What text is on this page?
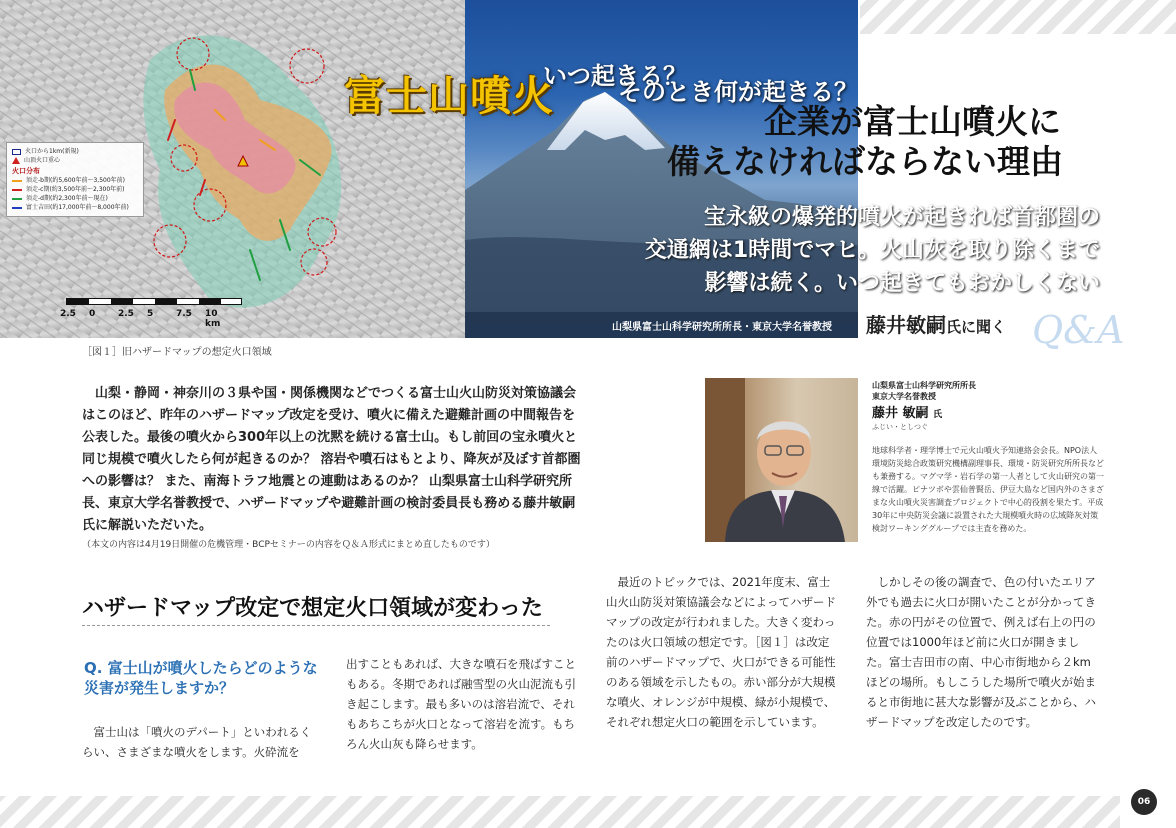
火口から1km(新規)
山頂火口重心
火口分布
須走-b期(約5,600年前〜3,500年前)
須走-c期(約3,500年前〜2,300年前)
須走-d期(約2,300年前〜現在)
富士吉田(約17,000年前〜8,000年前)
2.5	0	2.5	5	7.5	10 km
富士山噴火
いつ起きる？
そのとき何が起きる？
企業が富士山噴火に
備えなければならない理由
宝永級の爆発的噴火が起きれば首都圏の
交通網は1時間でマヒ。火山灰を取り除くまで
影響は続く。いつ起きてもおかしくない
山梨県富士山科学研究所所長・東京大学名誉教授 藤井敏嗣氏に聞く Q&A
［図１］旧ハザードマップの想定火口領域

山梨・静岡・神奈川の３県や国・関係機関などでつくる富士山火山防災対策協議会はこのほど、昨年のハザードマップ改定を受け、噴火に備えた避難計画の中間報告を公表した。最後の噴火から300年以上の沈黙を続ける富士山。もし前回の宝永噴火と同じ規模で噴火したら何が起きるのか？ 溶岩や噴石はもとより、降灰が及ぼす首都圏への影響は？ また、南海トラフ地震との連動はあるのか？ 山梨県富士山科学研究所長、東京大学名誉教授で、ハザードマップや避難計画の検討委員長も務める藤井敏嗣氏に解説いただいた。

（本文の内容は4月19日開催の危機管理・BCPセミナーの内容をＱ＆Ａ形式にまとめ直したものです）
山梨県富士山科学研究所所長
東京大学名誉教授
藤井 敏嗣 氏
ふじい・としつぐ
地球科学者・理学博士で元火山噴火予知連絡会会長。NPO法人環境防災総合政策研究機構副理事長、環境・防災研究所所長なども兼務する。マグマ学・岩石学の第一人者として火山研究の第一線で活躍。ピナツボや雲仙普賢岳、伊豆大島など国内外のさまざまな火山噴火災害調査プロジェクトで中心的役割を果たす。平成30年に中央防災会議に設置された大規模噴火時の広域降灰対策検討ワーキンググループでは主査を務めた。
ハザードマップ改定で想定火口領域が変わった
Q. 富士山が噴火したらどのような　災害が発生しますか？

富士山は「噴火のデパート」といわれるくらい、さまざまな噴火をします。火砕流を

出すこともあれば、大きな噴石を飛ばすこともある。冬期であれば融雪型の火山泥流も引き起こします。最も多いのは溶岩流で、それもあちこちが火口となって溶岩を流す。もちろん火山灰も降らせます。

最近のトピックでは、2021年度末、富士山火山防災対策協議会などによってハザードマップの改定が行われました。大きく変わったのは火口領域の想定です。［図１］は改定前のハザードマップで、火口ができる可能性のある領域を示したもの。赤い部分が大規模な噴火、オレンジが中規模、緑が小規模で、それぞれ想定火口の範囲を示しています。

しかしその後の調査で、色の付いたエリア外でも過去に火口が開いたことが分かってきた。赤の円がその位置で、例えば右上の円の位置では1000年ほど前に火口が開きました。富士吉田市の南、中心市街地から２kmほどの場所。もしこうした場所で噴火が始まると市街地に甚大な影響が及ぶことから、ハザードマップを改定したのです。

06
